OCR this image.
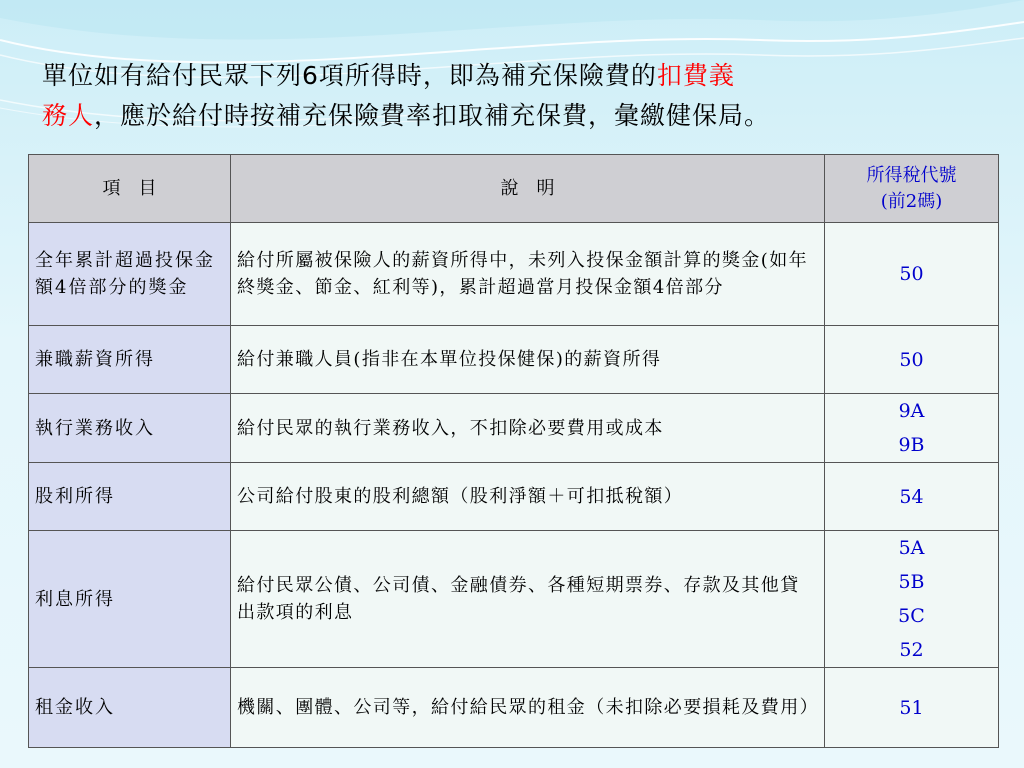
單位如有給付民眾下列6項所得時，即為補充保險費的扣費義
務人，應於給付時按補充保險費率扣取補充保費，彙繳健保局。
項　目	說　明	所得稅代號
(前2碼)

全年累計超過投保金額4倍部分的獎金	給付所屬被保險人的薪資所得中，未列入投保金額計算的獎金(如年終獎金、節金、紅利等)，累計超過當月投保金額4倍部分	50

兼職薪資所得	給付兼職人員(指非在本單位投保健保)的薪資所得	50

執行業務收入	給付民眾的執行業務收入，不扣除必要費用或成本	9A
9B

股利所得	公司給付股東的股利總額（股利淨額＋可扣抵稅額）	54

利息所得	給付民眾公債、公司債、金融債券、各種短期票券、存款及其他貸出款項的利息	5A
5B
5C
52

租金收入	機關、團體、公司等，給付給民眾的租金（未扣除必要損耗及費用）	51
